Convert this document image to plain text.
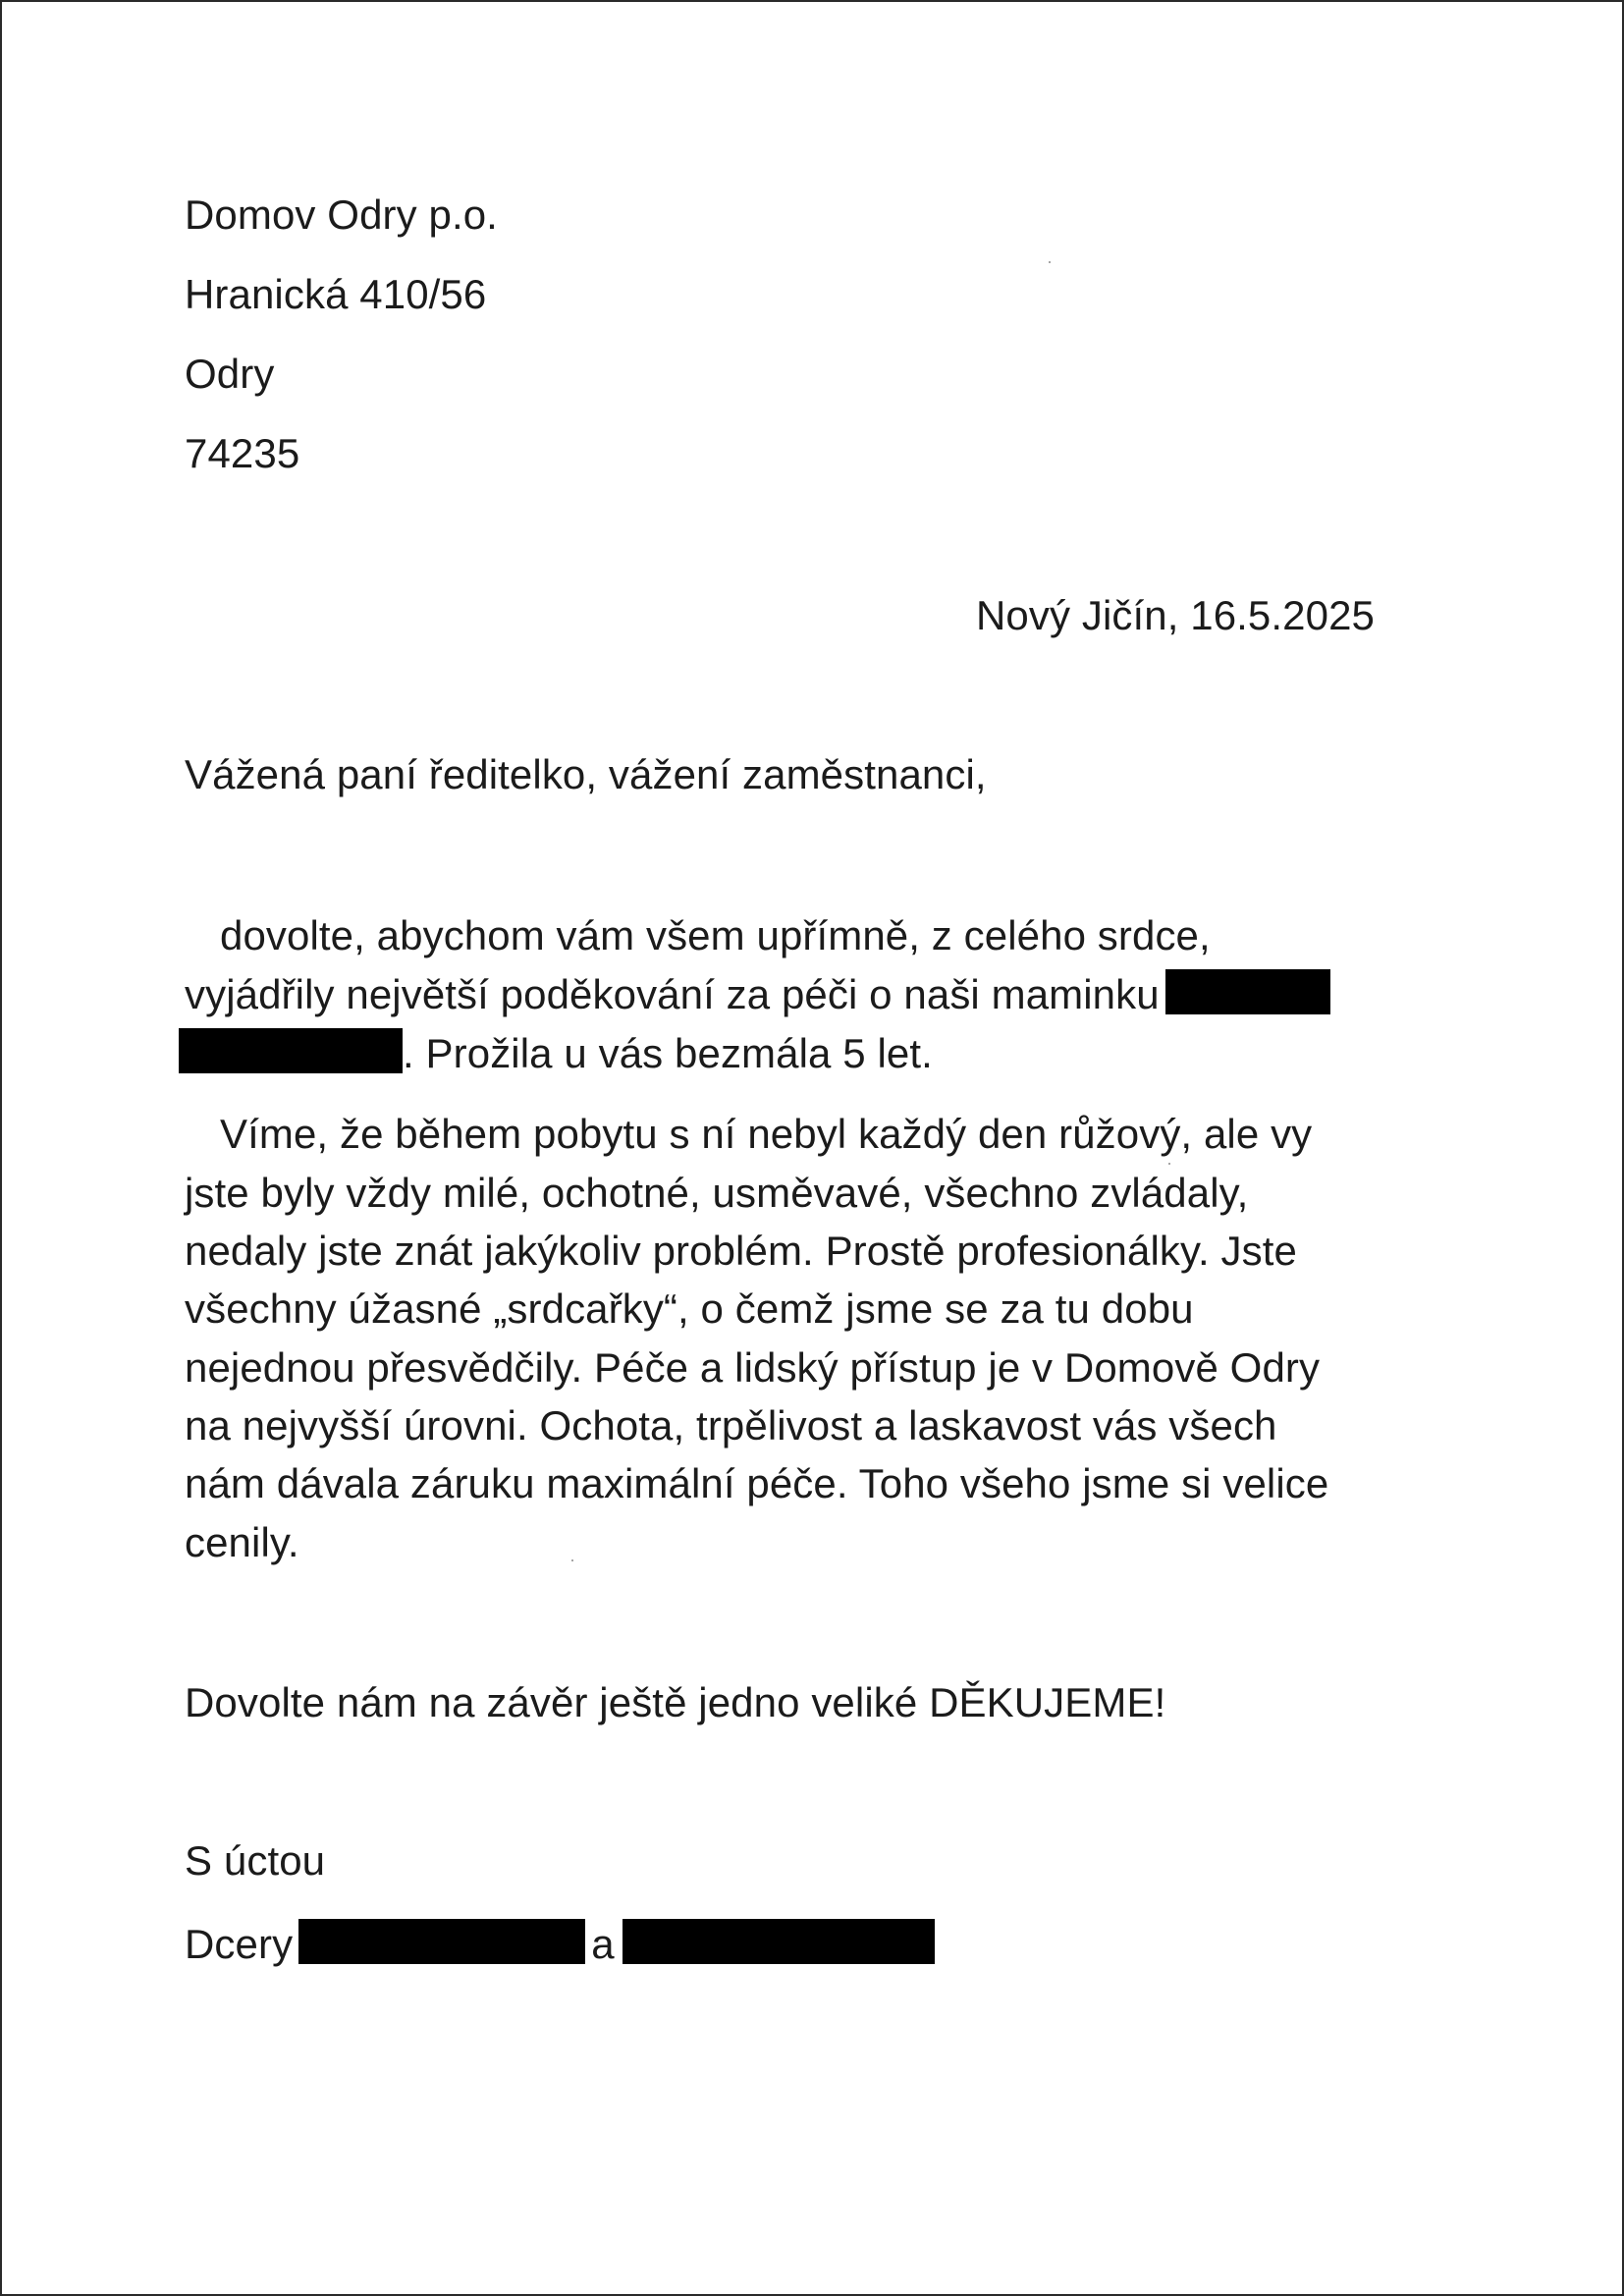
Domov Odry p.o.
Hranická 410/56
Odry
74235
Nový Jičín, 16.5.2025
Vážená paní ředitelko, vážení zaměstnanci,
dovolte, abychom vám všem upřímně, z celého srdce,
vyjádřily největší poděkování za péči o naši maminku
. Prožila u vás bezmála 5 let.
Víme, že během pobytu s ní nebyl každý den růžový, ale vy
jste byly vždy milé, ochotné, usměvavé, všechno zvládaly,
nedaly jste znát jakýkoliv problém. Prostě profesionálky. Jste
všechny úžasné „srdcařky“, o čemž jsme se za tu dobu
nejednou přesvědčily. Péče a lidský přístup je v Domově Odry
na nejvyšší úrovni. Ochota, trpělivost a laskavost vás všech
nám dávala záruku maximální péče. Toho všeho jsme si velice
cenily.
Dovolte nám na závěr ještě jedno veliké DĚKUJEME!
S úctou
Dcery	a
